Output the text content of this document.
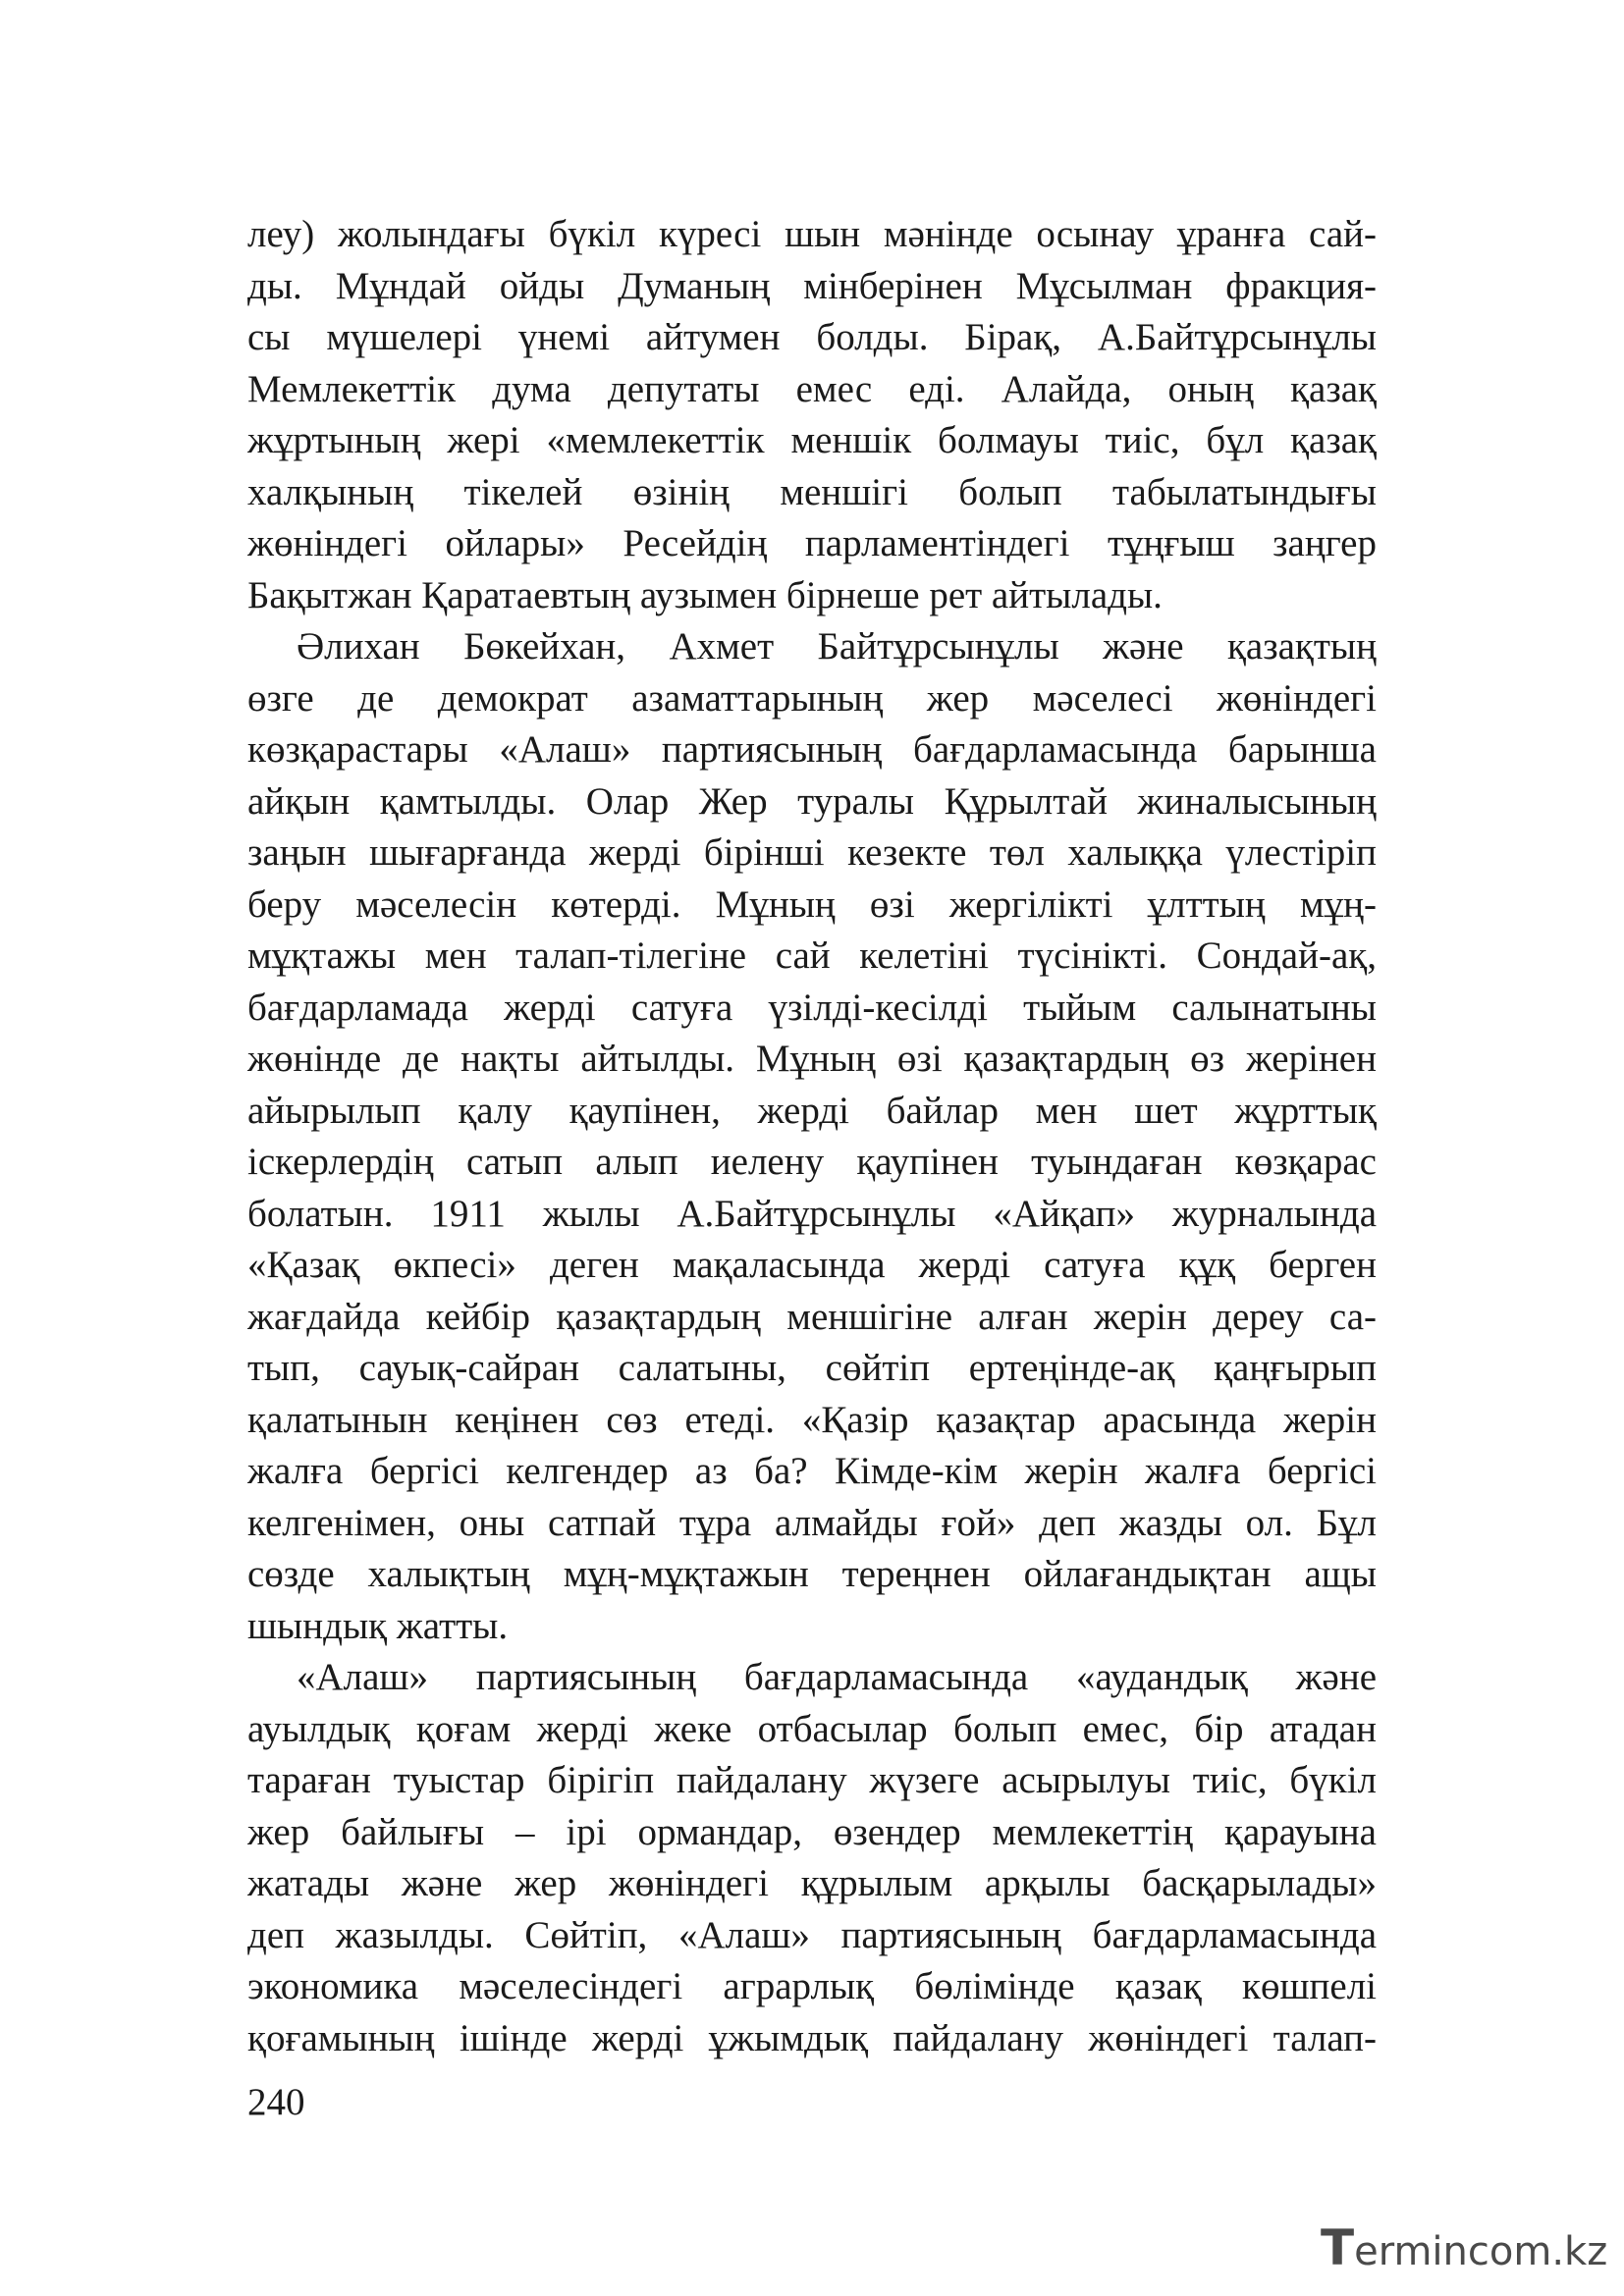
леу) жолындағы бүкіл күресі шын мәнінде осынау ұранға сай-
ды. Мұндай ойды Думаның мінберінен Мұсылман фракция-
сы мүшелері үнемі айтумен болды. Бірақ, А.Байтұрсынұлы
Мемлекеттік дума депутаты емес еді. Алайда, оның қазақ
жұртының жері «мемлекеттік меншік болмауы тиіс, бұл қазақ
халқының тікелей өзінің меншігі болып табылатындығы
жөніндегі ойлары» Ресейдің парламентіндегі тұңғыш заңгер
Бақытжан Қаратаевтың аузымен бірнеше рет айтылады.
Әлихан Бөкейхан, Ахмет Байтұрсынұлы және қазақтың
өзге де демократ азаматтарының жер мәселесі жөніндегі
көзқарастары «Алаш» партиясының бағдарламасында барынша
айқын қамтылды. Олар Жер туралы Құрылтай жиналысының
заңын шығарғанда жерді бірінші кезекте төл халыққа үлестіріп
беру мәселесін көтерді. Мұның өзі жергілікті ұлттың мұң-
мұқтажы мен талап-тілегіне сай келетіні түсінікті. Сондай-ақ,
бағдарламада жерді сатуға үзілді-кесілді тыйым салынатыны
жөнінде де нақты айтылды. Мұның өзі қазақтардың өз жерінен
айырылып қалу қаупінен, жерді байлар мен шет жұрттық
іскерлердің сатып алып иелену қаупінен туындаған көзқарас
болатын. 1911 жылы А.Байтұрсынұлы «Айқап» журналында
«Қазақ өкпесі» деген мақаласында жерді сатуға құқ берген
жағдайда кейбір қазақтардың меншігіне алған жерін дереу са-
тып, сауық-сайран салатыны, сөйтіп ертеңінде-ақ қаңғырып
қалатынын кеңінен сөз етеді. «Қазір қазақтар арасында жерін
жалға бергісі келгендер аз ба? Кімде-кім жерін жалға бергісі
келгенімен, оны сатпай тұра алмайды ғой» деп жазды ол. Бұл
сөзде халықтың мұң-мұқтажын тереңнен ойлағандықтан ащы
шындық жатты.
«Алаш» партиясының бағдарламасында «аудандық және
ауылдық қоғам жерді жеке отбасылар болып емес, бір атадан
тараған туыстар бірігіп пайдалану жүзеге асырылуы тиіс, бүкіл
жер байлығы – ірі ормандар, өзендер мемлекеттің қарауына
жатады және жер жөніндегі құрылым арқылы басқарылады»
деп жазылды. Сөйтіп, «Алаш» партиясының бағдарламасында
экономика мәселесіндегі аграрлық бөлімінде қазақ көшпелі
қоғамының ішінде жерді ұжымдық пайдалану жөніндегі талап-
240
Termincom.kz
